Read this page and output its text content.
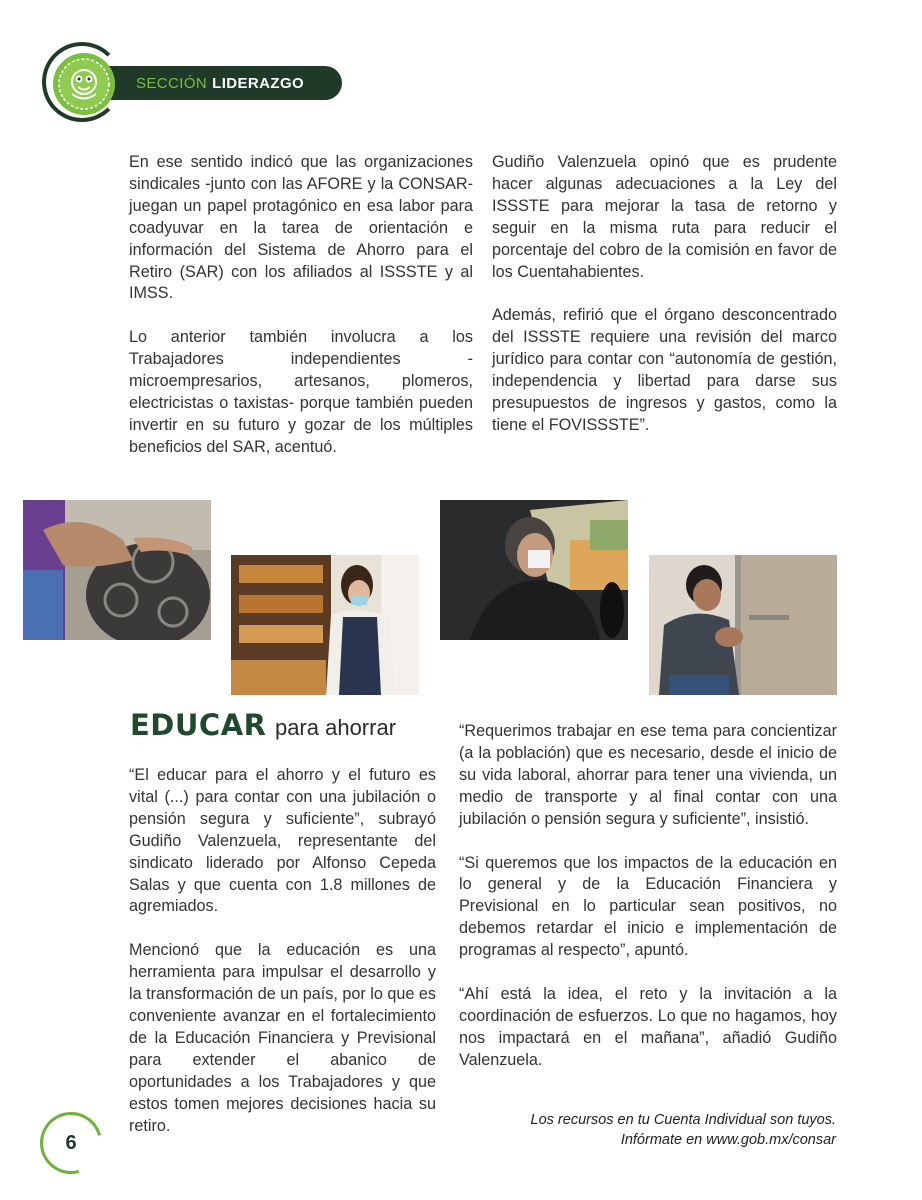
SECCIÓN LIDERAZGO

En ese sentido indicó que las organizaciones sindicales -junto con las AFORE y la CONSAR- juegan un papel protagónico en esa labor para coadyuvar en la tarea de orientación e información del Sistema de Ahorro para el Retiro (SAR) con los afiliados al ISSSTE y al IMSS.

Lo anterior también involucra a los Trabajadores independientes -microempresarios, artesanos, plomeros, electricistas o taxistas- porque también pueden invertir en su futuro y gozar de los múltiples beneficios del SAR, acentuó.

Gudiño Valenzuela opinó que es prudente hacer algunas adecuaciones a la Ley del ISSSTE para mejorar la tasa de retorno y seguir en la misma ruta para reducir el porcentaje del cobro de la comisión en favor de los Cuentahabientes.

Además, refirió que el órgano desconcentrado del ISSSTE requiere una revisión del marco jurídico para contar con “autonomía de gestión, independencia y libertad para darse sus presupuestos de ingresos y gastos, como la tiene el FOVISSSTE”.

EDUCAR para ahorrar

“El educar para el ahorro y el futuro es vital (...) para contar con una jubilación o pensión segura y suficiente”, subrayó Gudiño Valenzuela, representante del sindicato liderado por Alfonso Cepeda Salas y que cuenta con 1.8 millones de agremiados.

Mencionó que la educación es una herramienta para impulsar el desarrollo y la transformación de un país, por lo que es conveniente avanzar en el fortalecimiento de la Educación Financiera y Previsional para extender el abanico de oportunidades a los Trabajadores y que estos tomen mejores decisiones hacia su retiro.

“Requerimos trabajar en ese tema para concientizar (a la población) que es necesario, desde el inicio de su vida laboral, ahorrar para tener una vivienda, un medio de transporte y al final contar con una jubilación o pensión segura y suficiente”, insistió.

“Si queremos que los impactos de la educación en lo general y de la Educación Financiera y Previsional en lo particular sean positivos, no debemos retardar el inicio e implementación de programas al respecto”, apuntó.

“Ahí está la idea, el reto y la invitación a la coordinación de esfuerzos. Lo que no hagamos, hoy nos impactará en el mañana”, añadió Gudiño Valenzuela.

Los recursos en tu Cuenta Individual son tuyos.
Infórmate en www.gob.mx/consar
6
